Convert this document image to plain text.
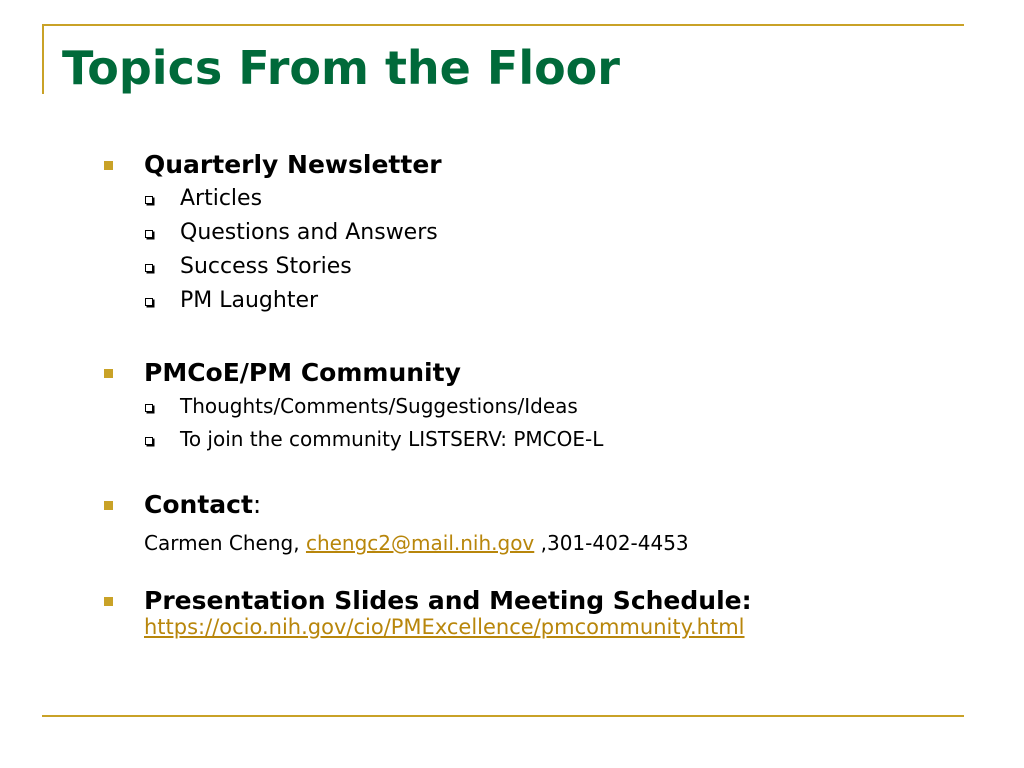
Topics From the Floor
Quarterly Newsletter
Articles
Questions and Answers
Success Stories
PM Laughter
PMCoE/PM Community
Thoughts/Comments/Suggestions/Ideas
To join the community LISTSERV: PMCOE-L
Contact:
Carmen Cheng, chengc2@mail.nih.gov ,301-402-4453
Presentation Slides and Meeting Schedule:
https://ocio.nih.gov/cio/PMExcellence/pmcommunity.html
